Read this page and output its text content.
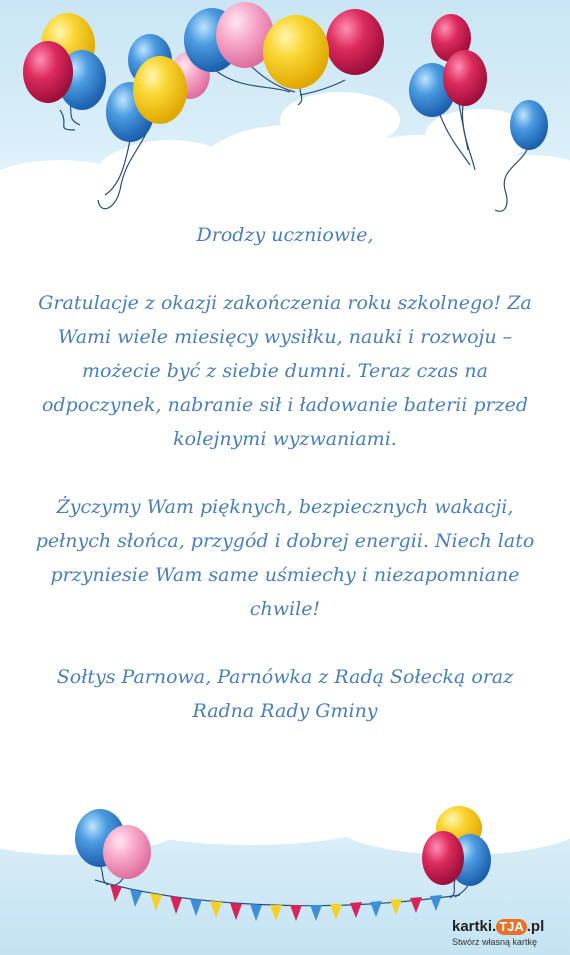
Drodzy uczniowie,

Gratulacje z okazji zakończenia roku szkolnego! Za Wami wiele miesięcy wysiłku, nauki i rozwoju – możecie być z siebie dumni. Teraz czas na odpoczynek, nabranie sił i ładowanie baterii przed kolejnymi wyzwaniami.

Życzymy Wam pięknych, bezpiecznych wakacji, pełnych słońca, przygód i dobrej energii. Niech lato przyniesie Wam same uśmiechy i niezapomniane chwile!

Sołtys Parnowa, Parnówka z Radą Sołecką oraz Radna Rady Gminy

kartki. TJA .pl
Stwórz własną kartkę
